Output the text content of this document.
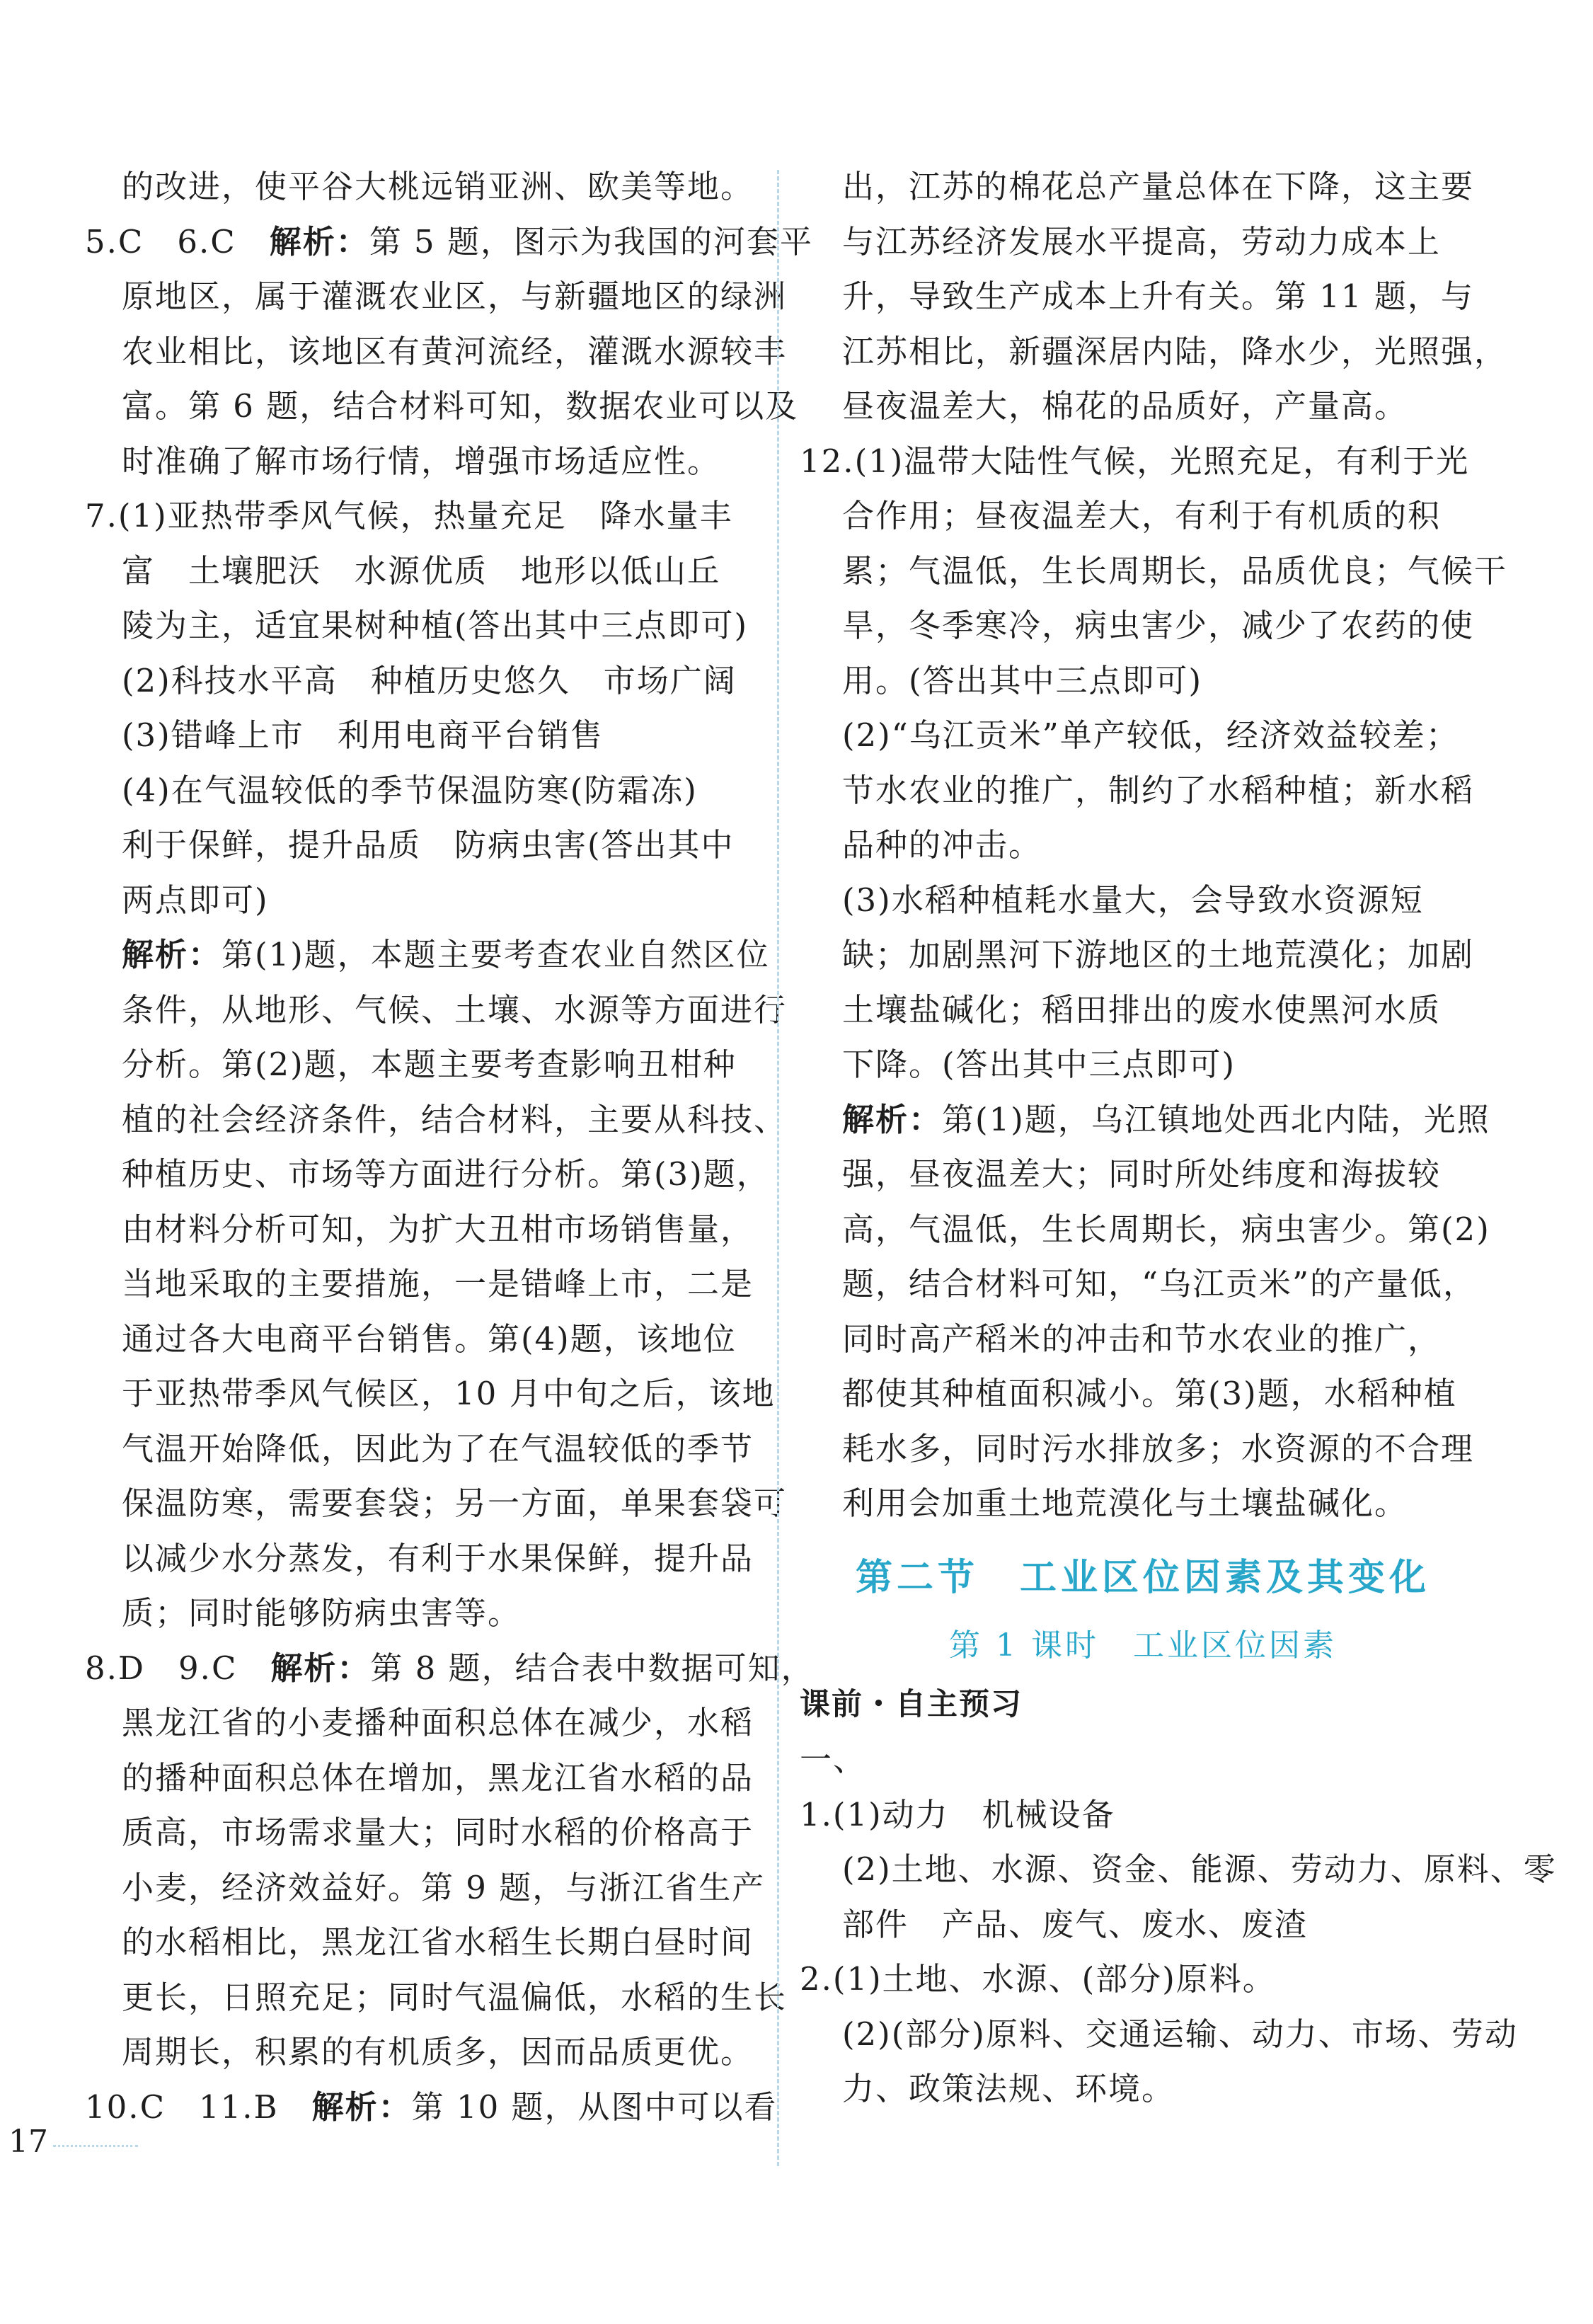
的改进，使平谷大桃远销亚洲、欧美等地。
5.C　6.C　解析：第 5 题，图示为我国的河套平
原地区，属于灌溉农业区，与新疆地区的绿洲
农业相比，该地区有黄河流经，灌溉水源较丰
富。第 6 题，结合材料可知，数据农业可以及
时准确了解市场行情，增强市场适应性。
7.(1)亚热带季风气候，热量充足　降水量丰
富　土壤肥沃　水源优质　地形以低山丘
陵为主，适宜果树种植(答出其中三点即可)
(2)科技水平高　种植历史悠久　市场广阔
(3)错峰上市　利用电商平台销售
(4)在气温较低的季节保温防寒(防霜冻)
利于保鲜，提升品质　防病虫害(答出其中
两点即可)
解析：第(1)题，本题主要考查农业自然区位
条件，从地形、气候、土壤、水源等方面进行
分析。第(2)题，本题主要考查影响丑柑种
植的社会经济条件，结合材料，主要从科技、
种植历史、市场等方面进行分析。第(3)题，
由材料分析可知，为扩大丑柑市场销售量，
当地采取的主要措施，一是错峰上市，二是
通过各大电商平台销售。第(4)题，该地位
于亚热带季风气候区，10 月中旬之后，该地
气温开始降低，因此为了在气温较低的季节
保温防寒，需要套袋；另一方面，单果套袋可
以减少水分蒸发，有利于水果保鲜，提升品
质；同时能够防病虫害等。
8.D　9.C　解析：第 8 题，结合表中数据可知，
黑龙江省的小麦播种面积总体在减少，水稻
的播种面积总体在增加，黑龙江省水稻的品
质高，市场需求量大；同时水稻的价格高于
小麦，经济效益好。第 9 题，与浙江省生产
的水稻相比，黑龙江省水稻生长期白昼时间
更长，日照充足；同时气温偏低，水稻的生长
周期长，积累的有机质多，因而品质更优。
10.C　11.B　解析：第 10 题，从图中可以看
出，江苏的棉花总产量总体在下降，这主要
与江苏经济发展水平提高，劳动力成本上
升，导致生产成本上升有关。第 11 题，与
江苏相比，新疆深居内陆，降水少，光照强，
昼夜温差大，棉花的品质好，产量高。
12.(1)温带大陆性气候，光照充足，有利于光
合作用；昼夜温差大，有利于有机质的积
累；气温低，生长周期长，品质优良；气候干
旱，冬季寒冷，病虫害少，减少了农药的使
用。(答出其中三点即可)
(2)“乌江贡米”单产较低，经济效益较差；
节水农业的推广，制约了水稻种植；新水稻
品种的冲击。
(3)水稻种植耗水量大，会导致水资源短
缺；加剧黑河下游地区的土地荒漠化；加剧
土壤盐碱化；稻田排出的废水使黑河水质
下降。(答出其中三点即可)
解析：第(1)题，乌江镇地处西北内陆，光照
强，昼夜温差大；同时所处纬度和海拔较
高，气温低，生长周期长，病虫害少。第(2)
题，结合材料可知，“乌江贡米”的产量低，
同时高产稻米的冲击和节水农业的推广，
都使其种植面积减小。第(3)题，水稻种植
耗水多，同时污水排放多；水资源的不合理
利用会加重土地荒漠化与土壤盐碱化。
第二节　工业区位因素及其变化
第 1 课时　工业区位因素
课前・自主预习
一、
1.(1)动力　机械设备
(2)土地、水源、资金、能源、劳动力、原料、零
部件　产品、废气、废水、废渣
2.(1)土地、水源、(部分)原料。
(2)(部分)原料、交通运输、动力、市场、劳动
力、政策法规、环境。
17
